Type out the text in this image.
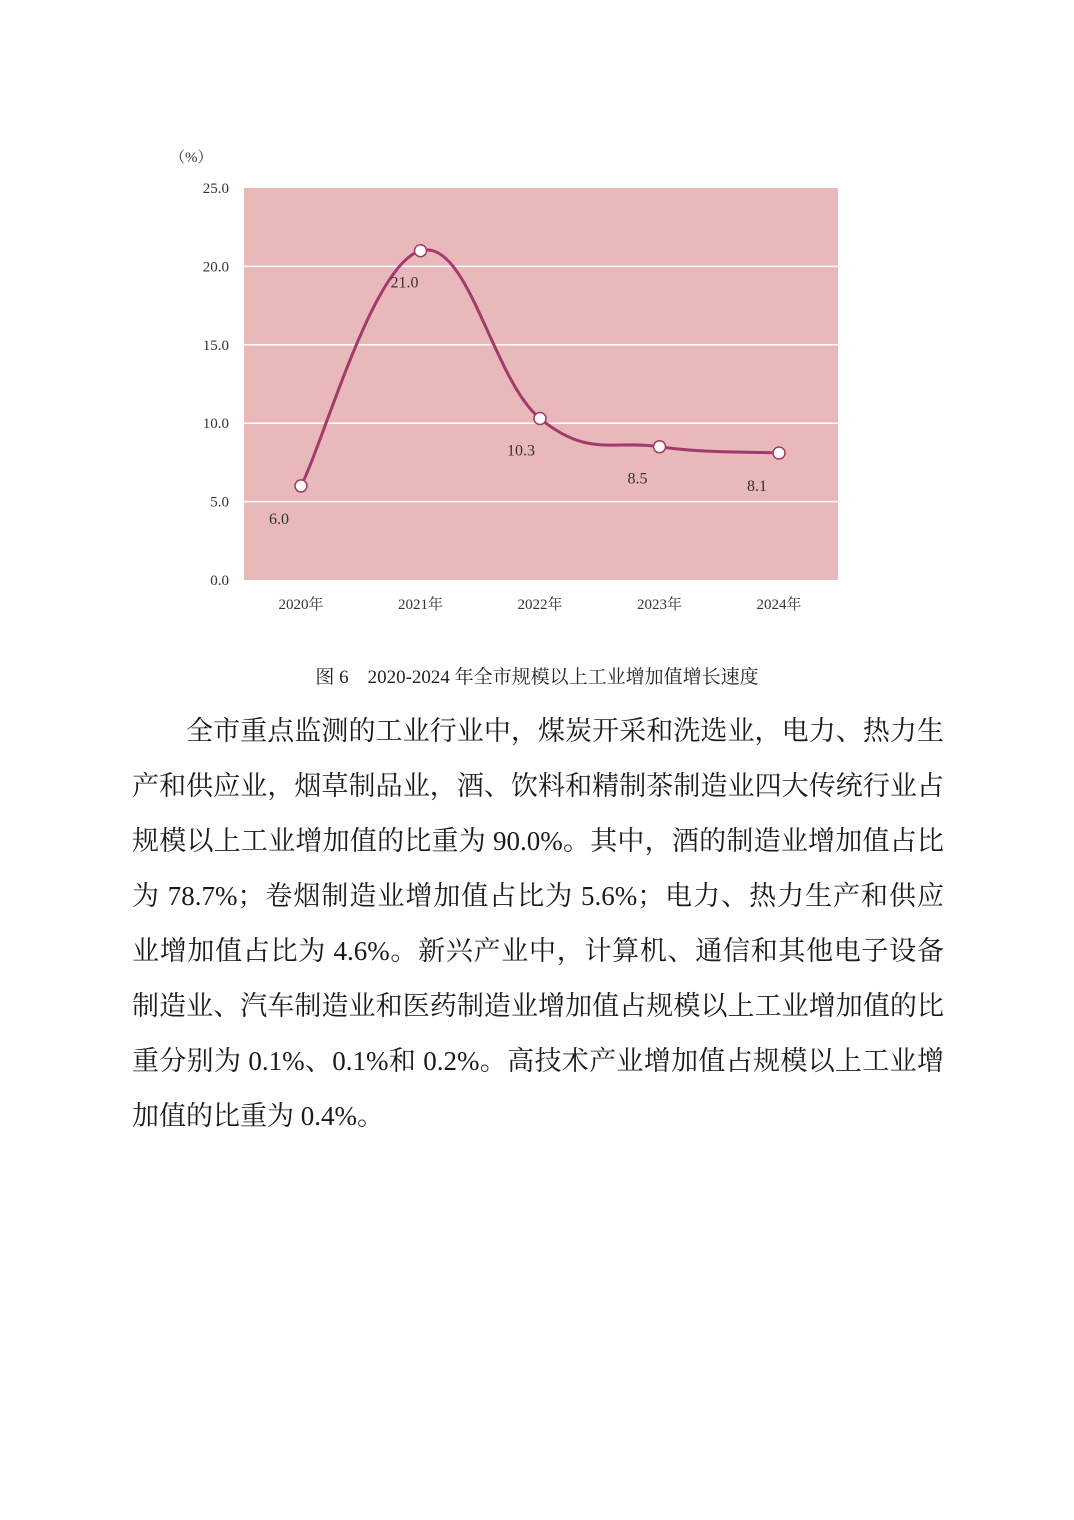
（%）
0.0
5.0
10.0
15.0
20.0
25.0
2020年	2021年	2022年	2023年	2024年
6.0
21.0
10.3
8.5	8.1
图 6　2020-2024 年全市规模以上工业增加值增长速度

全市重点监测的工业行业中，煤炭开采和洗选业，电力、热力生产和供应业，烟草制品业，酒、饮料和精制茶制造业四大传统行业占规模以上工业增加值的比重为 90.0%。其中，酒的制造业增加值占比为 78.7%；卷烟制造业增加值占比为 5.6%；电力、热力生产和供应业增加值占比为 4.6%。新兴产业中，计算机、通信和其他电子设备制造业、汽车制造业和医药制造业增加值占规模以上工业增加值的比重分别为 0.1%、0.1%和 0.2%。高技术产业增加值占规模以上工业增加值的比重为 0.4%。
